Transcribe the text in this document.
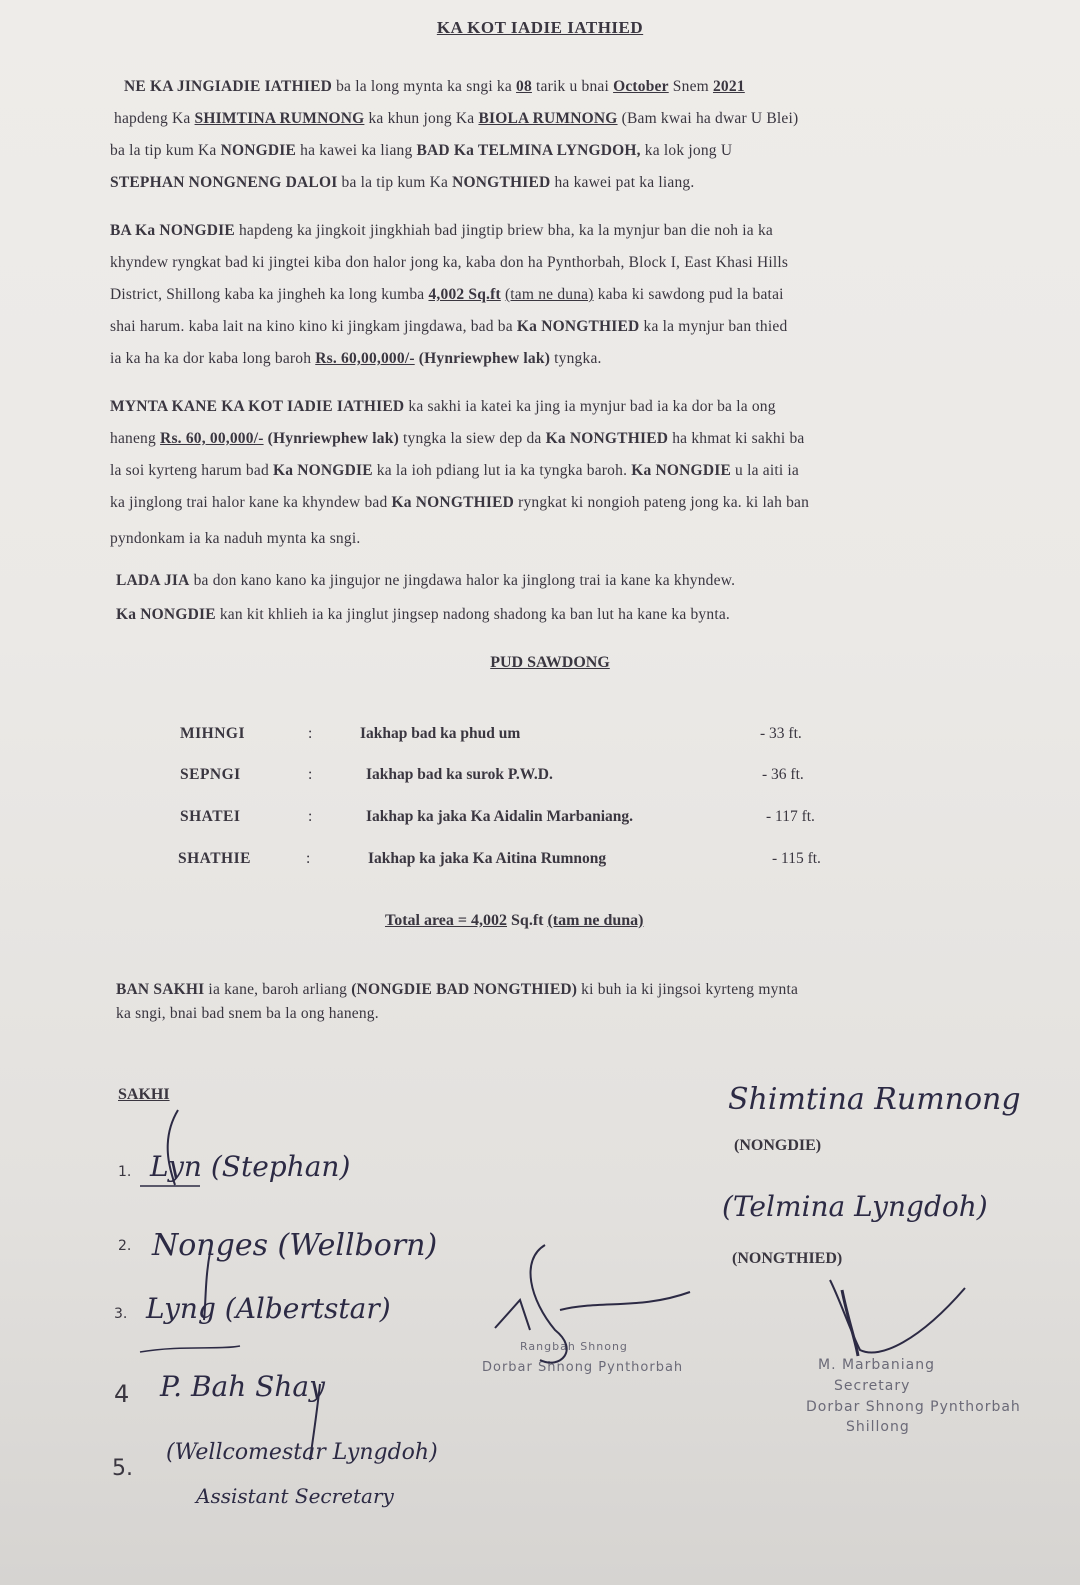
KA KOT IADIE IATHIED
NE KA JINGIADIE IATHIED ba la long mynta ka sngi ka 08 tarik u bnai October Snem 2021
hapdeng Ka SHIMTINA RUMNONG ka khun jong Ka BIOLA RUMNONG (Bam kwai ha dwar U Blei)
ba la tip kum Ka NONGDIE ha kawei ka liang BAD Ka TELMINA LYNGDOH, ka lok jong U
STEPHAN NONGNENG DALOI ba la tip kum Ka NONGTHIED ha kawei pat ka liang.
BA Ka NONGDIE hapdeng ka jingkoit jingkhiah bad jingtip briew bha, ka la mynjur ban die noh ia ka
khyndew ryngkat bad ki jingtei kiba don halor jong ka, kaba don ha Pynthorbah, Block I, East Khasi Hills
District, Shillong kaba ka jingheh ka long kumba 4,002 Sq.ft (tam ne duna) kaba ki sawdong pud la batai
shai harum. kaba lait na kino kino ki jingkam jingdawa, bad ba Ka NONGTHIED ka la mynjur ban thied
ia ka ha ka dor kaba long baroh Rs. 60,00,000/- (Hynriewphew lak) tyngka.
MYNTA KANE KA KOT IADIE IATHIED ka sakhi ia katei ka jing ia mynjur bad ia ka dor ba la ong
haneng Rs. 60, 00,000/- (Hynriewphew lak) tyngka la siew dep da Ka NONGTHIED ha khmat ki sakhi ba
la soi kyrteng harum bad Ka NONGDIE ka la ioh pdiang lut ia ka tyngka baroh. Ka NONGDIE u la aiti ia
ka jinglong trai halor kane ka khyndew bad Ka NONGTHIED ryngkat ki nongioh pateng jong ka. ki lah ban
pyndonkam ia ka naduh mynta ka sngi.
LADA JIA ba don kano kano ka jingujor ne jingdawa halor ka jinglong trai ia kane ka khyndew.
Ka NONGDIE kan kit khlieh ia ka jinglut jingsep nadong shadong ka ban lut ha kane ka bynta.
PUD SAWDONG
MIHNGI	:	Iakhap bad ka phud um	- 33 ft.
SEPNGI	:	Iakhap bad ka surok P.W.D.	- 36 ft.
SHATEI	:	Iakhap ka jaka Ka Aidalin Marbaniang.	- 117 ft.
SHATHIE	:	Iakhap ka jaka Ka Aitina Rumnong	- 115 ft.
Total area = 4,002 Sq.ft (tam ne duna)
BAN SAKHI ia kane, baroh arliang (NONGDIE BAD NONGTHIED) ki buh ia ki jingsoi kyrteng mynta
ka sngi, bnai bad snem ba la ong haneng.
SAKHI
1. Lyn (Stephan)
2. Nonges (Wellborn)
3. Lyng (Albertstar)
4 P. Bah Shay
5.
(Wellcomestar Lyngdoh)
Assistant Secretary
Shimtina Rumnong
(NONGDIE)
(Telmina Lyngdoh)
(NONGTHIED)
Rangbah Shnong
Dorbar Shnong Pynthorbah	M. Marbaniang
Secretary
Dorbar Shnong Pynthorbah
Shillong
